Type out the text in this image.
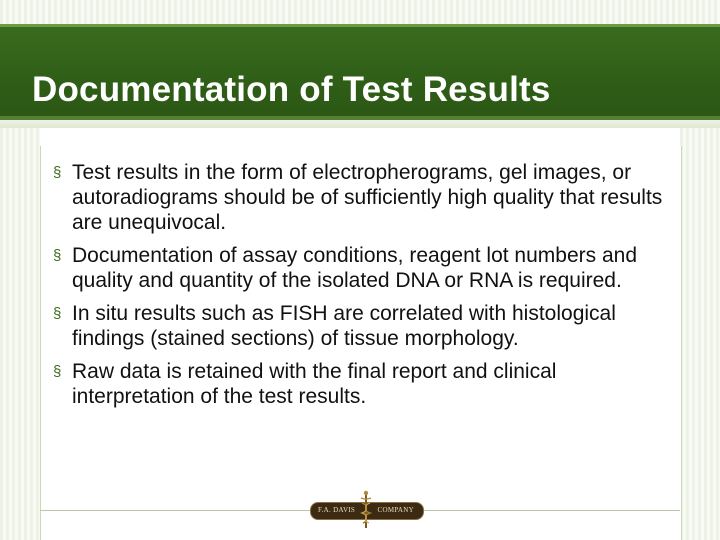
Documentation of Test Results
§ Test results in the form of electropherograms, gel images, or autoradiograms should be of sufficiently high quality that results are unequivocal.
§ Documentation of assay conditions, reagent lot numbers and quality and quantity of the isolated DNA or RNA is required.
§ In situ results such as FISH are correlated with histological findings (stained sections) of tissue morphology.
§ Raw data is retained with the final report and clinical interpretation of the test results.
F.A. DAVIS	COMPANY
